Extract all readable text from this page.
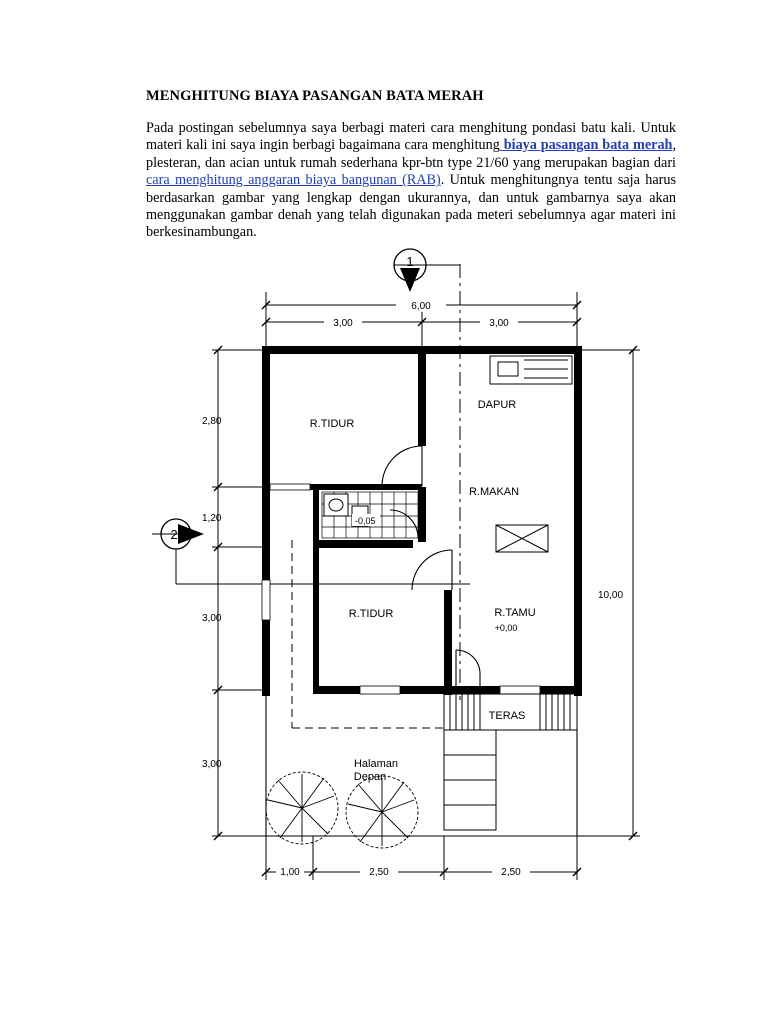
MENGHITUNG BIAYA PASANGAN BATA MERAH

Pada postingan sebelumnya saya berbagi materi cara menghitung pondasi batu kali. Untuk materi kali ini saya ingin berbagi bagaimana cara menghitung biaya pasangan bata merah, plesteran, dan acian untuk rumah sederhana kpr-btn type 21/60 yang merupakan bagian dari cara menghitung anggaran biaya bangunan (RAB). Untuk menghitungnya tentu saja harus berdasarkan gambar yang lengkap dengan ukurannya, dan untuk gambarnya saya akan menggunakan gambar denah yang telah digunakan pada meteri sebelumnya agar materi ini berkesinambungan.

6,00
3,00	3,00
2,80
1,20
3,00
3,00
10,00
1,00	2,50	2,50
1
2
-0,05
TERAS
R.TIDUR
DAPUR
R.MAKAN
R.TIDUR	R.TAMU
+0,00
Halaman
Depan
